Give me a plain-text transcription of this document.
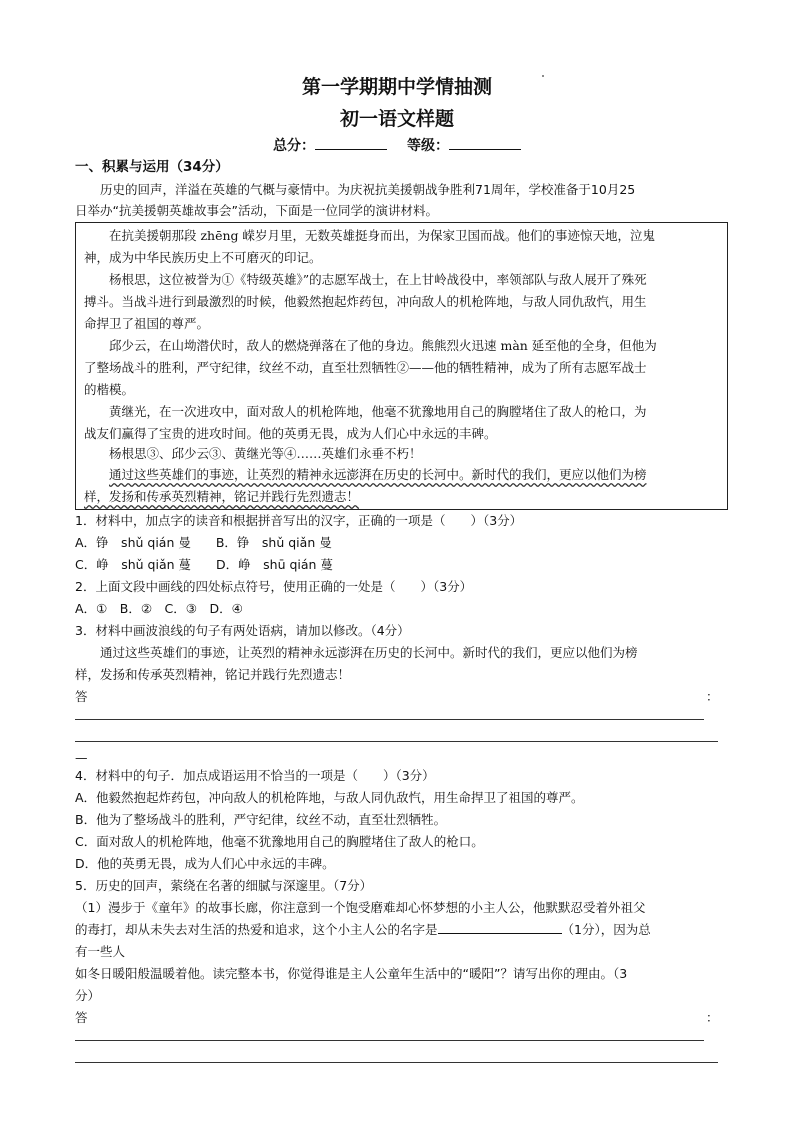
第一学期期中学情抽测
初一语文样题
总分：	等级：
一、积累与运用（34分）
历史的回声，洋溢在英雄的气概与豪情中。为庆祝抗美援朝战争胜利71周年，学校准备于10月25
日举办“抗美援朝英雄故事会”活动，下面是一位同学的演讲材料。
在抗美援朝那段 zhēng 嵘岁月里，无数英雄挺身而出，为保家卫国而战。他们的事迹惊天地，泣鬼
神，成为中华民族历史上不可磨灭的印记。
杨根思，这位被誉为①《特级英雄》”的志愿军战士，在上甘岭战役中，率领部队与敌人展开了殊死
搏斗。当战斗进行到最激烈的时候，他毅然抱起炸药包，冲向敌人的机枪阵地，与敌人同仇敌忾，用生
命捍卫了祖国的尊严。
邱少云，在山坳潜伏时，敌人的燃烧弹落在了他的身边。熊熊烈火迅速 màn 延至他的全身，但他为
了整场战斗的胜利，严守纪律，纹丝不动，直至壮烈牺牲②——他的牺牲精神，成为了所有志愿军战士
的楷模。
黄继光，在一次进攻中，面对敌人的机枪阵地，他毫不犹豫地用自己的胸膛堵住了敌人的枪口，为
战友们赢得了宝贵的进攻时间。他的英勇无畏，成为人们心中永远的丰碑。
杨根思③、邱少云③、黄继光等④……英雄们永垂不朽！
通过这些英雄们的事迹，让英烈的精神永远澎湃在历史的长河中。新时代的我们，更应以他们为榜
样，发扬和传承英烈精神，铭记并践行先烈遗志！
1．材料中，加点字的读音和根据拼音写出的汉字，正确的一项是（　　）（3分）
A．铮　shǔ qián 曼　　B．铮　shǔ qiǎn 曼
C．峥　shǔ qiǎn 蔓　　D．峥　shū qián 蔓
2．上面文段中画线的四处标点符号，使用正确的一处是（　　）（3分）
A．①　B．②　C．③　D．④
3．材料中画波浪线的句子有两处语病，请加以修改。（4分）
通过这些英雄们的事迹，让英烈的精神永远澎湃在历史的长河中。新时代的我们，更应以他们为榜
样，发扬和传承英烈精神，铭记并践行先烈遗志！
答	：
—
4．材料中的句子．加点成语运用不恰当的一项是（　　）（3分）
A．他毅然抱起炸药包，冲向敌人的机枪阵地，与敌人同仇敌忾，用生命捍卫了祖国的尊严。
B．他为了整场战斗的胜利，严守纪律，纹丝不动，直至壮烈牺牲。
C．面对敌人的机枪阵地，他毫不犹豫地用自己的胸膛堵住了敌人的枪口。
D．他的英勇无畏，成为人们心中永远的丰碑。
5．历史的回声，萦绕在名著的细腻与深邃里。（7分）
（1）漫步于《童年》的故事长廊，你注意到一个饱受磨难却心怀梦想的小主人公，他默默忍受着外祖父
的毒打，却从未失去对生活的热爱和追求，这个小主人公的名字是	（1分），因为总
有一些人
如冬日暖阳般温暖着他。读完整本书，你觉得谁是主人公童年生活中的“暖阳”？请写出你的理由。（3
分）
答	：
